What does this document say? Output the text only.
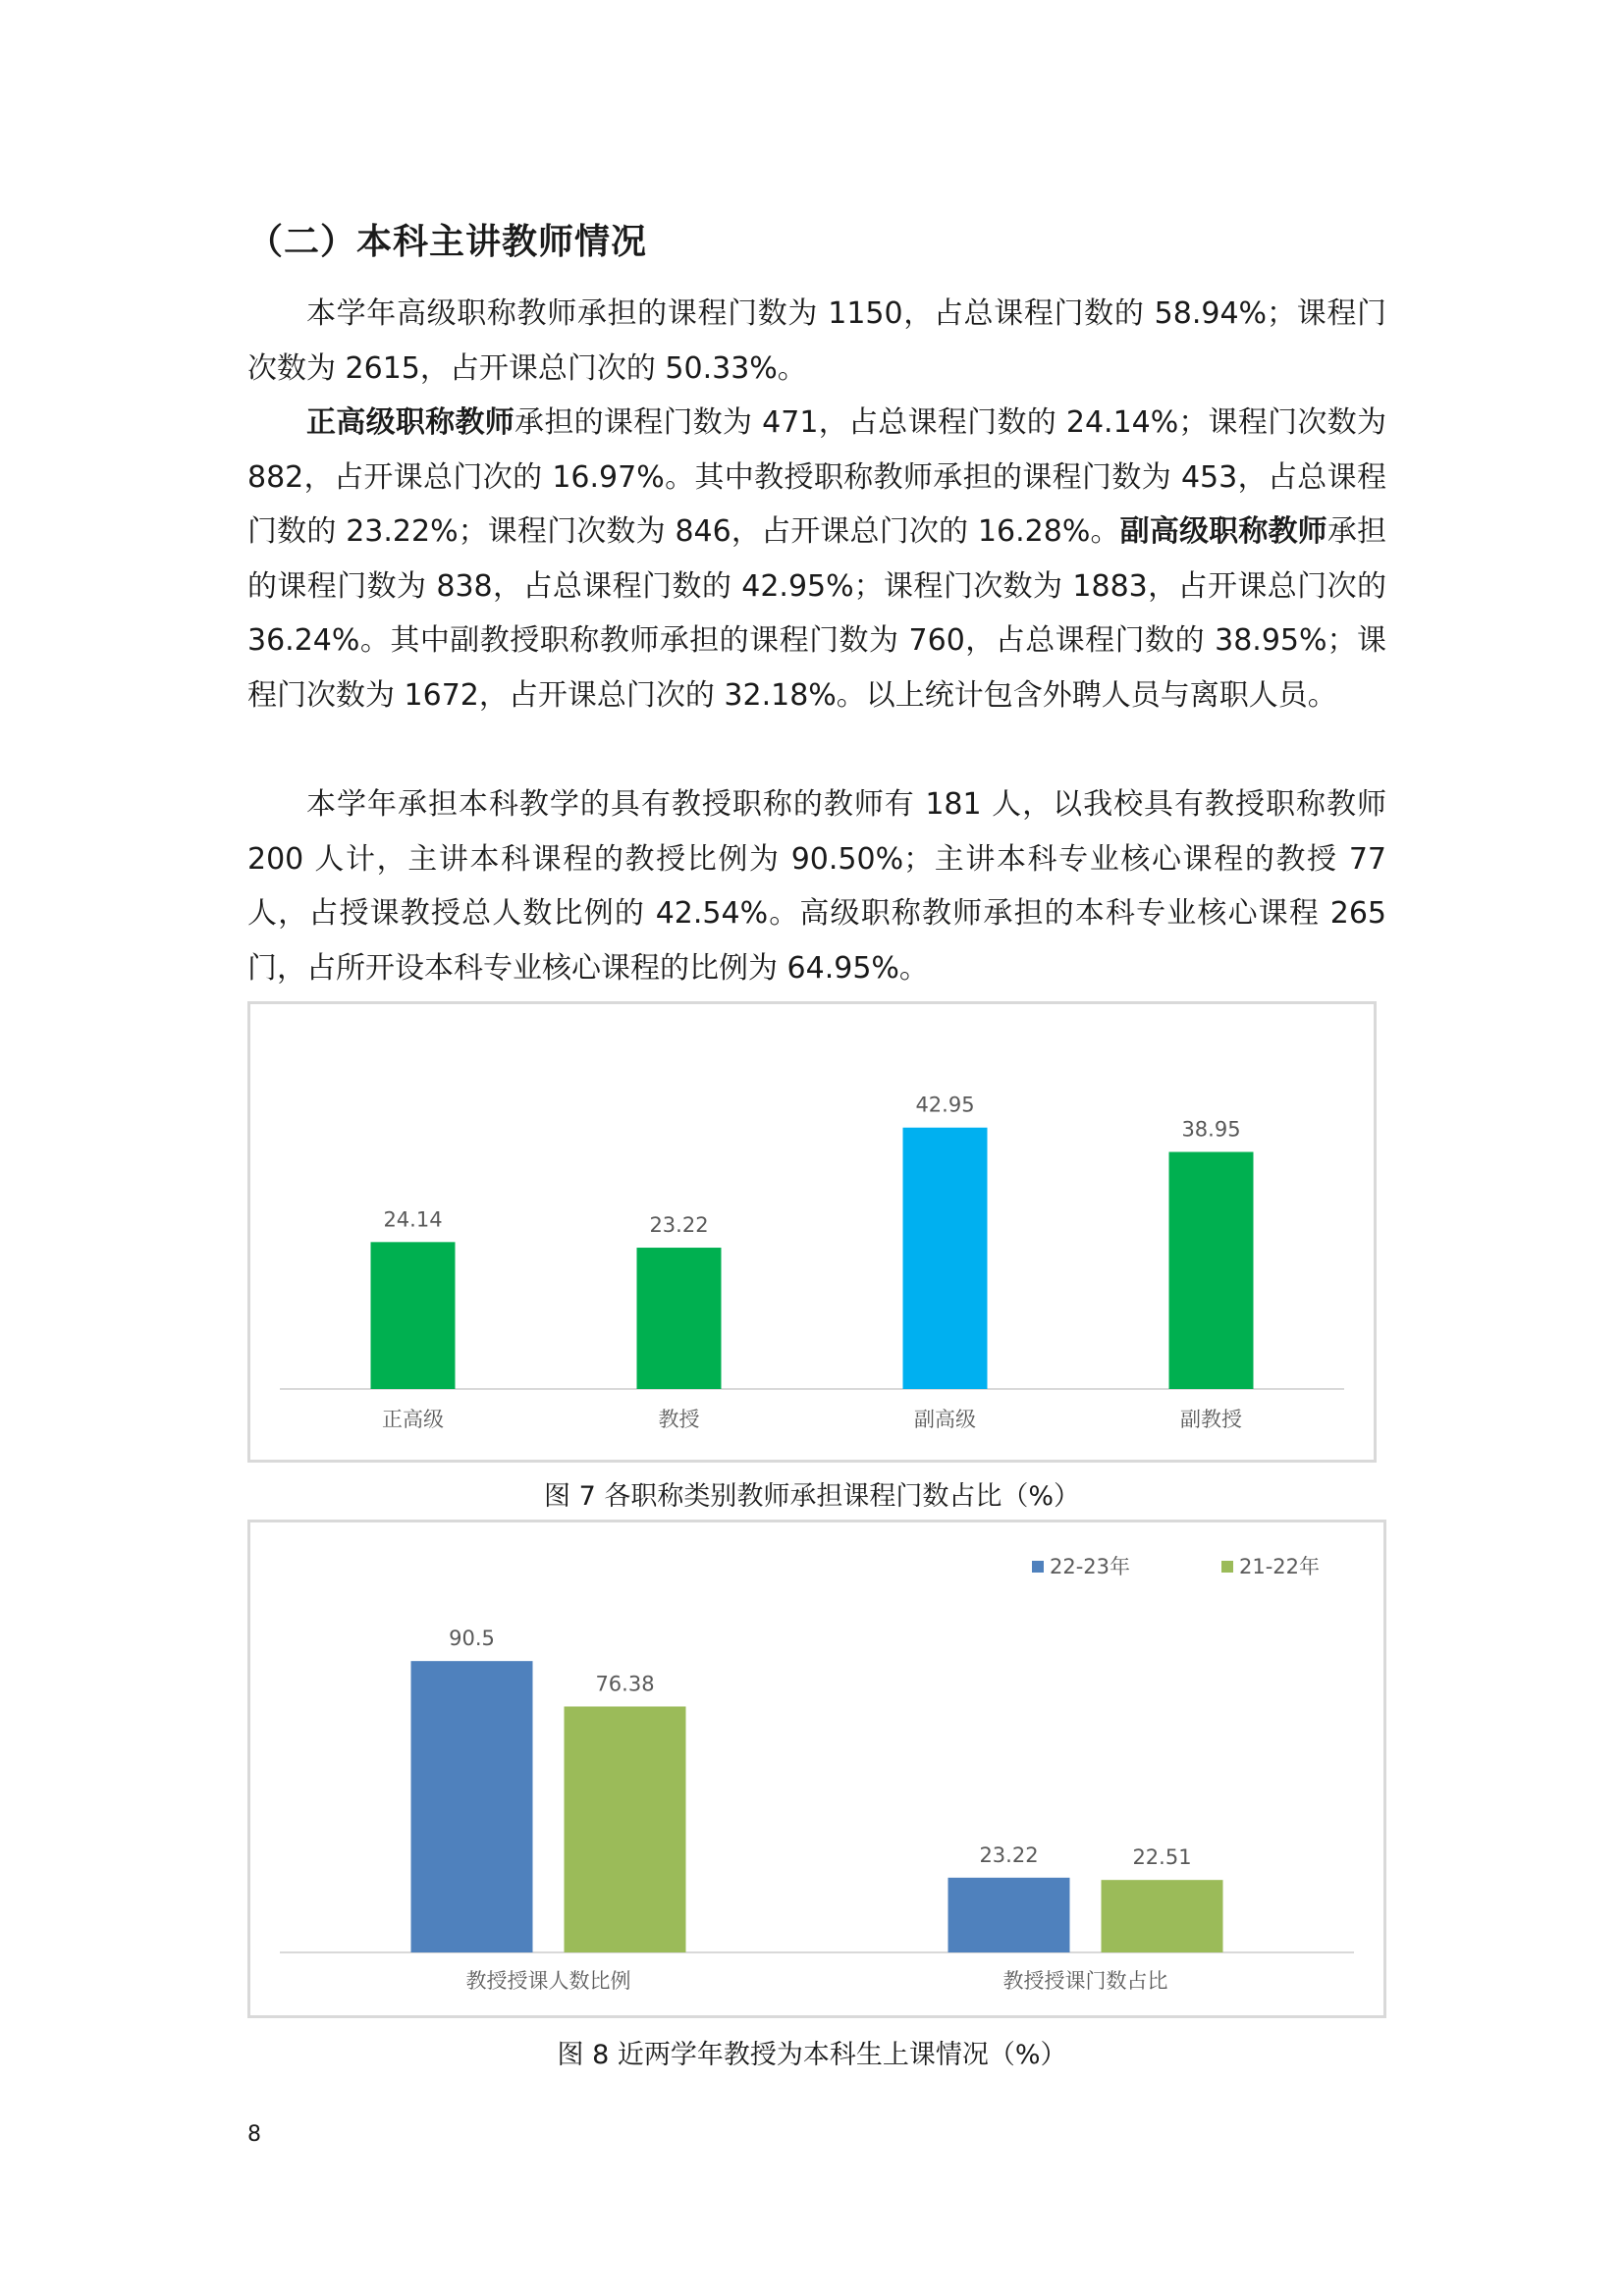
（二）本科主讲教师情况

本学年高级职称教师承担的课程门数为 1150，占总课程门数的 58.94%；课程门次数为 2615，占开课总门次的 50.33%。

正高级职称教师承担的课程门数为 471，占总课程门数的 24.14%；课程门次数为 882，占开课总门次的 16.97%。其中教授职称教师承担的课程门数为 453，占总课程门数的 23.22%；课程门次数为 846，占开课总门次的 16.28%。副高级职称教师承担的课程门数为 838，占总课程门数的 42.95%；课程门次数为 1883，占开课总门次的 36.24%。其中副教授职称教师承担的课程门数为 760，占总课程门数的 38.95%；课程门次数为 1672，占开课总门次的 32.18%。以上统计包含外聘人员与离职人员。

本学年承担本科教学的具有教授职称的教师有 181 人，以我校具有教授职称教师 200 人计，主讲本科课程的教授比例为 90.50%；主讲本科专业核心课程的教授 77 人，占授课教授总人数比例的 42.54%。高级职称教师承担的本科专业核心课程 265 门，占所开设本科专业核心课程的比例为 64.95%。

24.14
正高级
23.22
教授
42.95
副高级
38.95
副教授

图 7 各职称类别教师承担课程门数占比（%）

90.5
76.38
教授授课人数比例
23.22	22.51
教授授课门数占比
22-23年	21-22年

图 8 近两学年教授为本科生上课情况（%）

8
